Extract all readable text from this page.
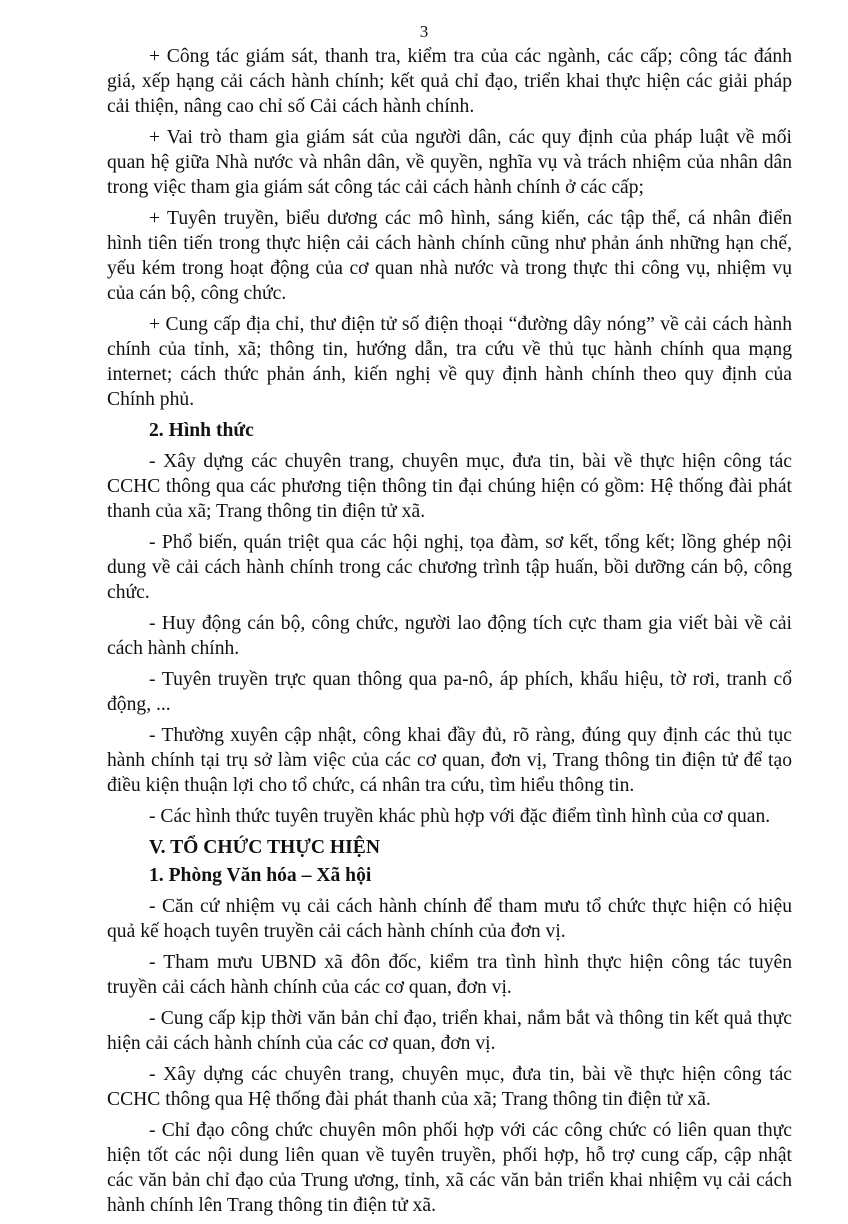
3

+ Công tác giám sát, thanh tra, kiểm tra của các ngành, các cấp; công tác đánh giá, xếp hạng cải cách hành chính; kết quả chỉ đạo, triển khai thực hiện các giải pháp cải thiện, nâng cao chỉ số Cải cách hành chính.

+ Vai trò tham gia giám sát của người dân, các quy định của pháp luật về mối quan hệ giữa Nhà nước và nhân dân, về quyền, nghĩa vụ và trách nhiệm của nhân dân trong việc tham gia giám sát công tác cải cách hành chính ở các cấp;

+ Tuyên truyền, biểu dương các mô hình, sáng kiến, các tập thể, cá nhân điển hình tiên tiến trong thực hiện cải cách hành chính cũng như phản ánh những hạn chế, yếu kém trong hoạt động của cơ quan nhà nước và trong thực thi công vụ, nhiệm vụ của cán bộ, công chức.

+ Cung cấp địa chỉ, thư điện tử số điện thoại “đường dây nóng” về cải cách hành chính của tỉnh, xã; thông tin, hướng dẫn, tra cứu về thủ tục hành chính qua mạng internet; cách thức phản ánh, kiến nghị về quy định hành chính theo quy định của Chính phủ.

2. Hình thức

- Xây dựng các chuyên trang, chuyên mục, đưa tin, bài về thực hiện công tác CCHC thông qua các phương tiện thông tin đại chúng hiện có gồm: Hệ thống đài phát thanh của xã; Trang thông tin điện tử xã.

- Phổ biến, quán triệt qua các hội nghị, tọa đàm, sơ kết, tổng kết; lồng ghép nội dung về cải cách hành chính trong các chương trình tập huấn, bồi dưỡng cán bộ, công chức.

- Huy động cán bộ, công chức, người lao động tích cực tham gia viết bài về cải cách hành chính.

- Tuyên truyền trực quan thông qua pa-nô, áp phích, khẩu hiệu, tờ rơi, tranh cổ động, ...

- Thường xuyên cập nhật, công khai đầy đủ, rõ ràng, đúng quy định các thủ tục hành chính tại trụ sở làm việc của các cơ quan, đơn vị, Trang thông tin điện tử để tạo điều kiện thuận lợi cho tổ chức, cá nhân tra cứu, tìm hiểu thông tin.

- Các hình thức tuyên truyền khác phù hợp với đặc điểm tình hình của cơ quan.

V. TỔ CHỨC THỰC HIỆN
1. Phòng Văn hóa – Xã hội

- Căn cứ nhiệm vụ cải cách hành chính để tham mưu tổ chức thực hiện có hiệu quả kế hoạch tuyên truyền cải cách hành chính của đơn vị.

- Tham mưu UBND xã đôn đốc, kiểm tra tình hình thực hiện công tác tuyên truyền cải cách hành chính của các cơ quan, đơn vị.

- Cung cấp kịp thời văn bản chỉ đạo, triển khai, nắm bắt và thông tin kết quả thực hiện cải cách hành chính của các cơ quan, đơn vị.

- Xây dựng các chuyên trang, chuyên mục, đưa tin, bài về thực hiện công tác CCHC thông qua Hệ thống đài phát thanh của xã; Trang thông tin điện tử xã.

- Chỉ đạo công chức chuyên môn phối hợp với các công chức có liên quan thực hiện tốt các nội dung liên quan về tuyên truyền, phối hợp, hỗ trợ cung cấp, cập nhật các văn bản chỉ đạo của Trung ương, tỉnh, xã các văn bản triển khai nhiệm vụ cải cách hành chính lên Trang thông tin điện tử xã.
